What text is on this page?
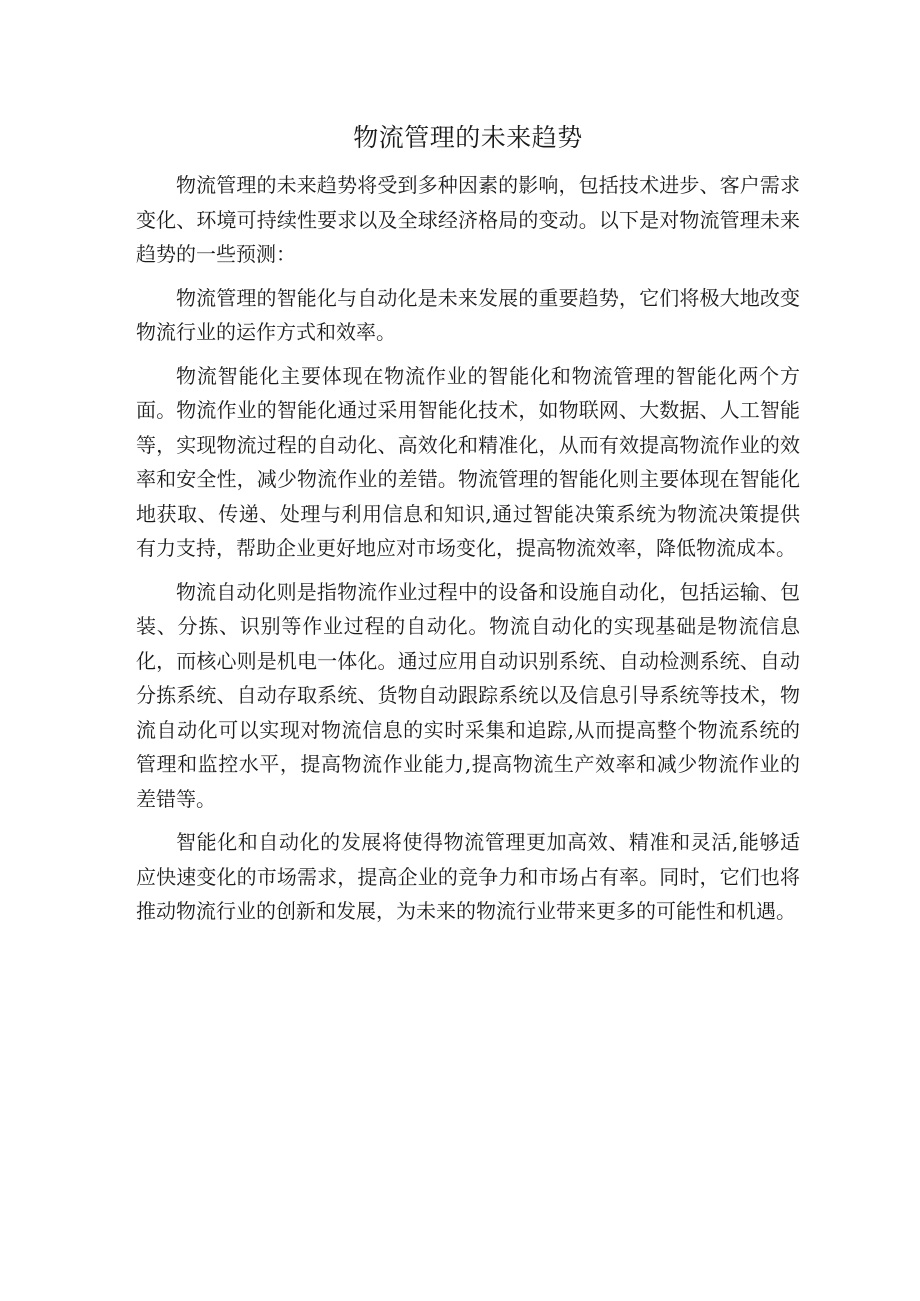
物流管理的未来趋势

物流管理的未来趋势将受到多种因素的影响，包括技术进步、客户需求变化、环境可持续性要求以及全球经济格局的变动。以下是对物流管理未来趋势的一些预测：

物流管理的智能化与自动化是未来发展的重要趋势，它们将极大地改变物流行业的运作方式和效率。

物流智能化主要体现在物流作业的智能化和物流管理的智能化两个方面。物流作业的智能化通过采用智能化技术，如物联网、大数据、人工智能等，实现物流过程的自动化、高效化和精准化，从而有效提高物流作业的效率和安全性，减少物流作业的差错。物流管理的智能化则主要体现在智能化地获取、传递、处理与利用信息和知识,通过智能决策系统为物流决策提供有力支持，帮助企业更好地应对市场变化，提高物流效率，降低物流成本。

物流自动化则是指物流作业过程中的设备和设施自动化，包括运输、包装、分拣、识别等作业过程的自动化。物流自动化的实现基础是物流信息化，而核心则是机电一体化。通过应用自动识别系统、自动检测系统、自动分拣系统、自动存取系统、货物自动跟踪系统以及信息引导系统等技术，物流自动化可以实现对物流信息的实时采集和追踪,从而提高整个物流系统的管理和监控水平，提高物流作业能力,提高物流生产效率和减少物流作业的差错等。

智能化和自动化的发展将使得物流管理更加高效、精准和灵活,能够适应快速变化的市场需求，提高企业的竞争力和市场占有率。同时，它们也将推动物流行业的创新和发展，为未来的物流行业带来更多的可能性和机遇。
